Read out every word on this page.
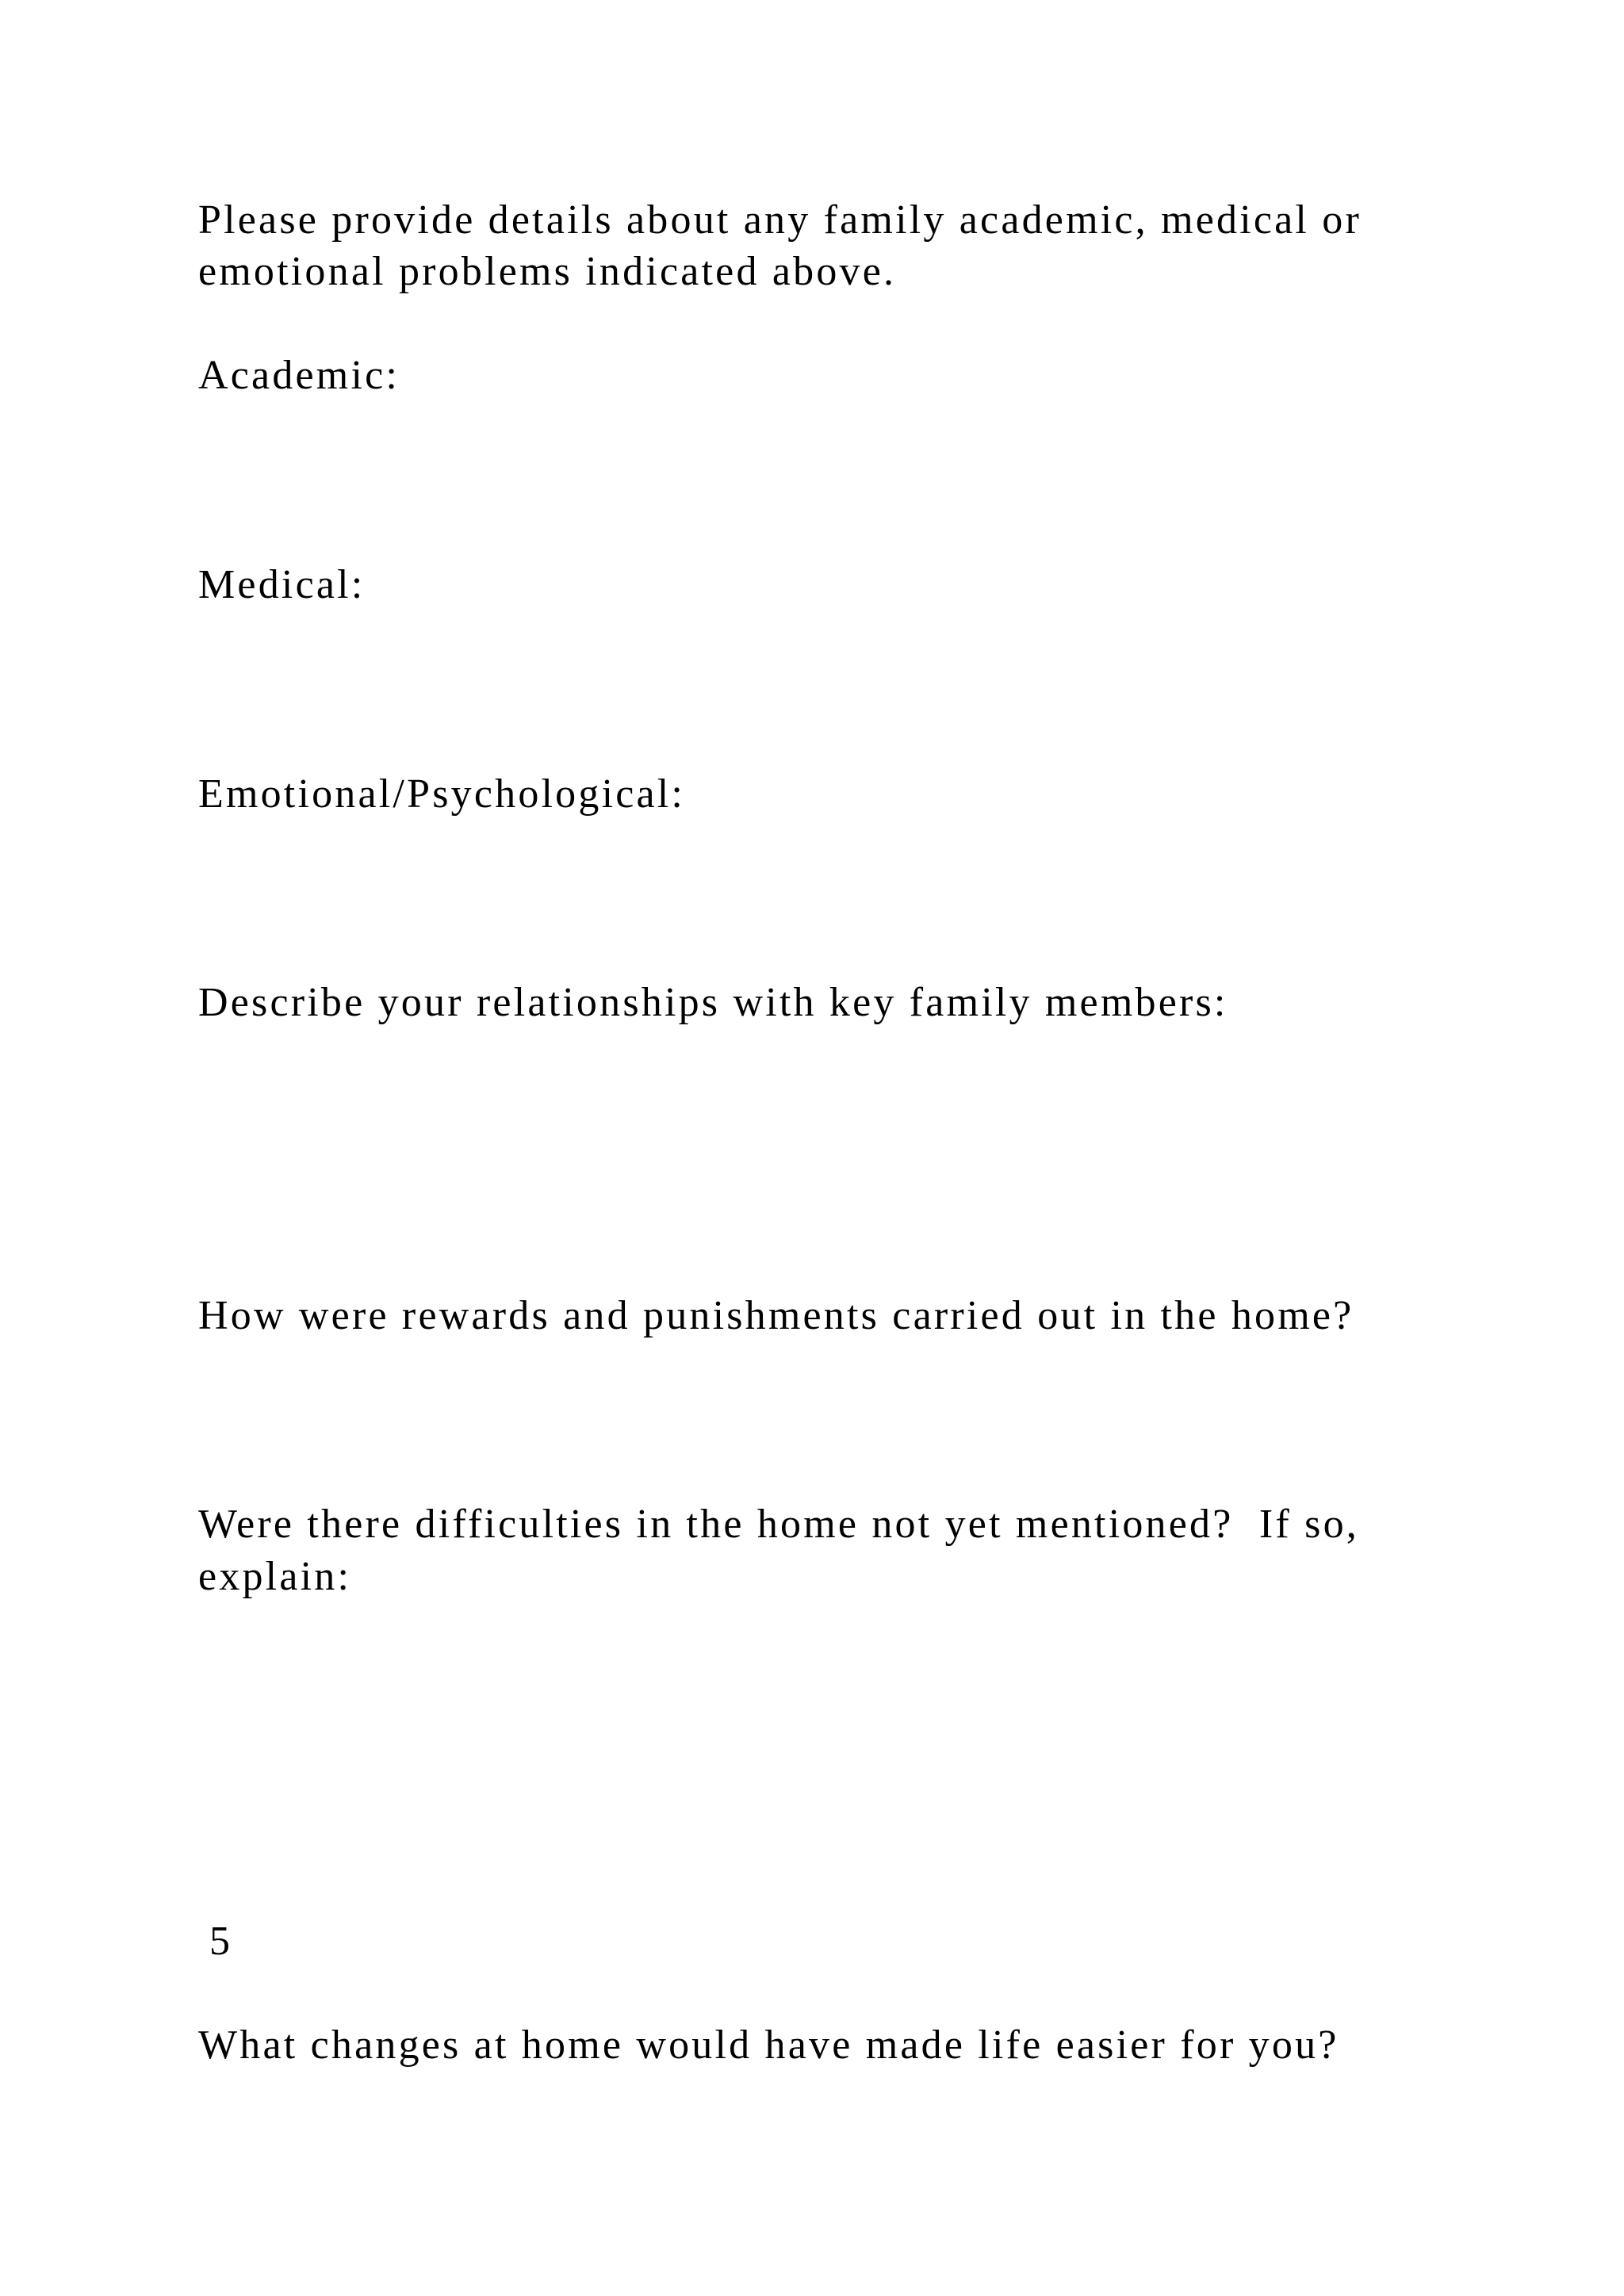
Please provide details about any family academic, medical or

emotional problems indicated above.

Academic:

Medical:

Emotional/Psychological:

Describe your relationships with key family members:

How were rewards and punishments carried out in the home?

Were there difficulties in the home not yet mentioned?  If so,

explain:

5

What changes at home would have made life easier for you?
